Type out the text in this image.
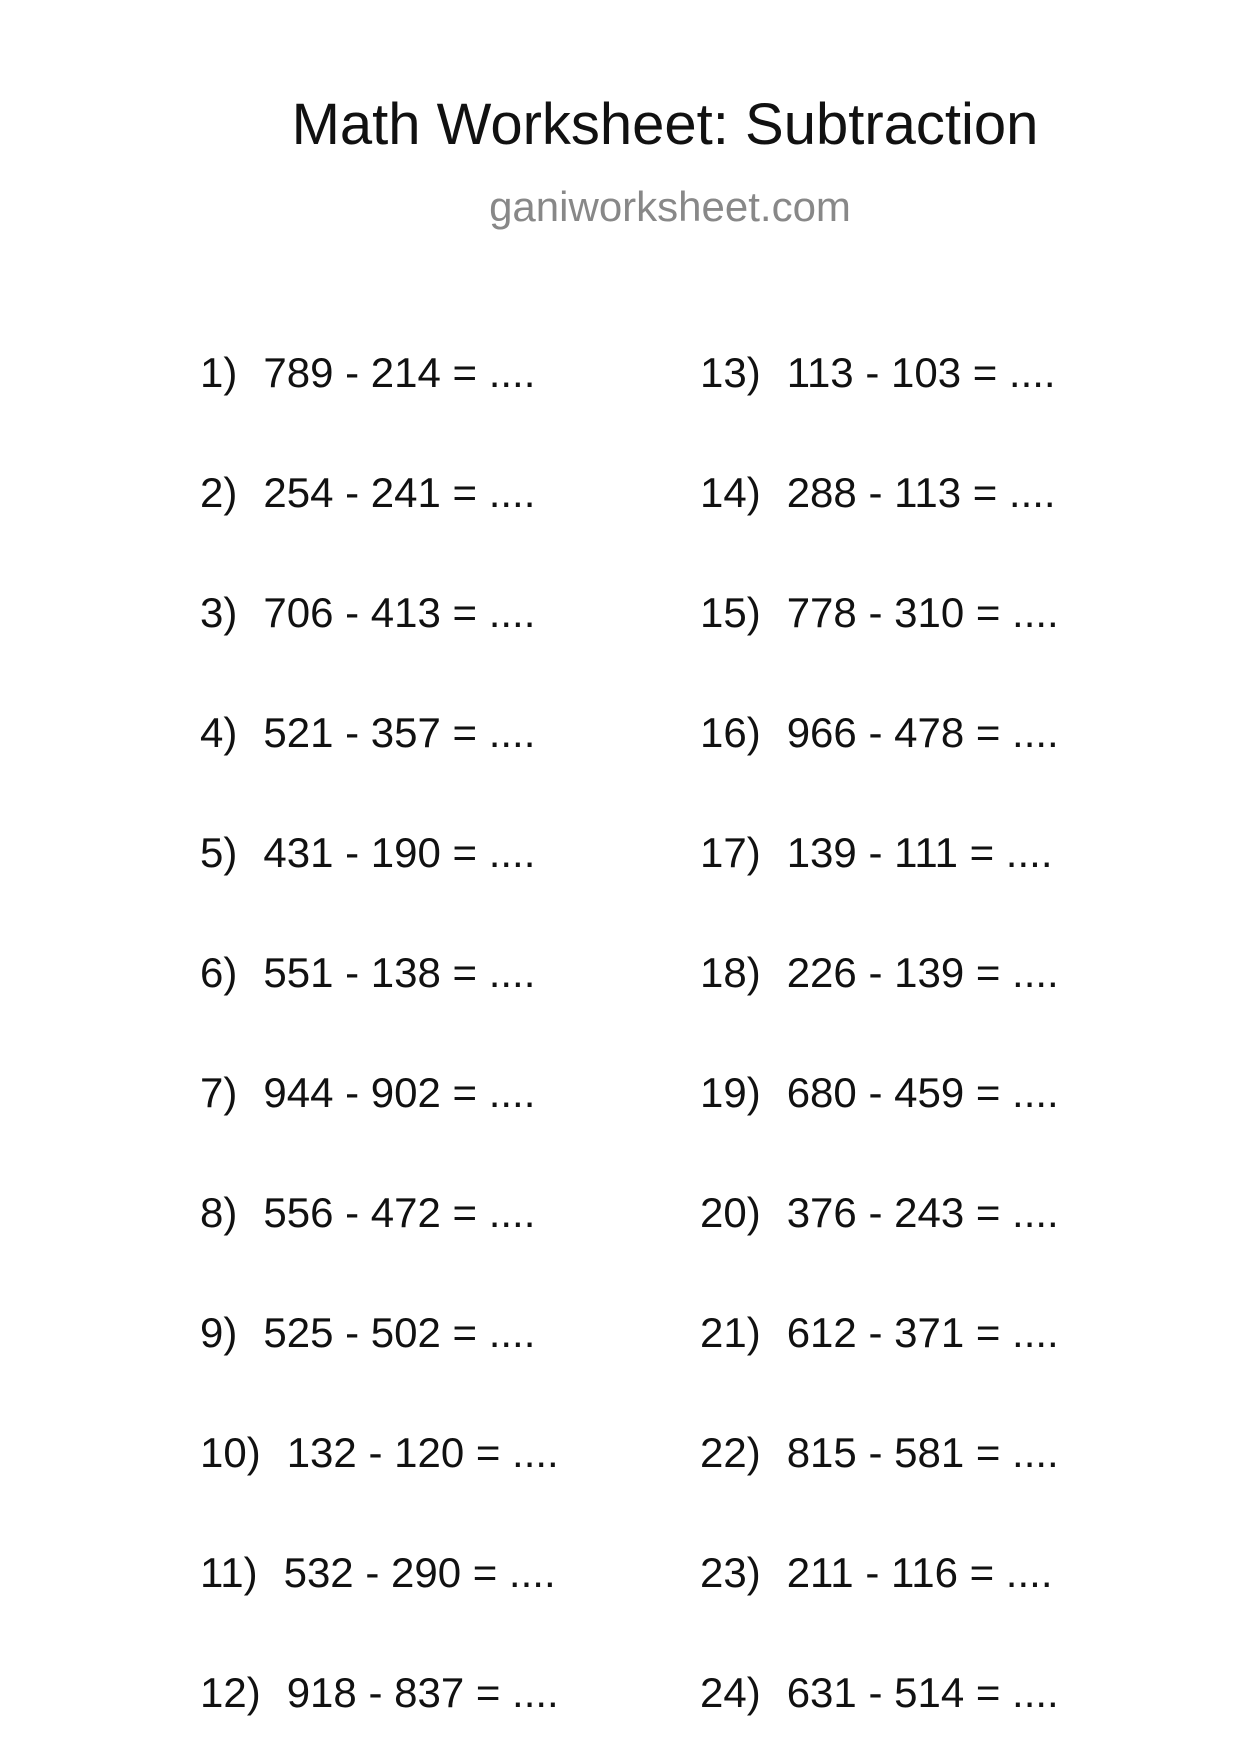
Math Worksheet: Subtraction
ganiworksheet.com
1) 789 - 214 = ....
2) 254 - 241 = ....
3) 706 - 413 = ....
4) 521 - 357 = ....
5) 431 - 190 = ....
6) 551 - 138 = ....
7) 944 - 902 = ....
8) 556 - 472 = ....
9) 525 - 502 = ....
10) 132 - 120 = ....
11) 532 - 290 = ....
12) 918 - 837 = ....
13) 113 - 103 = ....
14) 288 - 113 = ....
15) 778 - 310 = ....
16) 966 - 478 = ....
17) 139 - 111 = ....
18) 226 - 139 = ....
19) 680 - 459 = ....
20) 376 - 243 = ....
21) 612 - 371 = ....
22) 815 - 581 = ....
23) 211 - 116 = ....
24) 631 - 514 = ....
